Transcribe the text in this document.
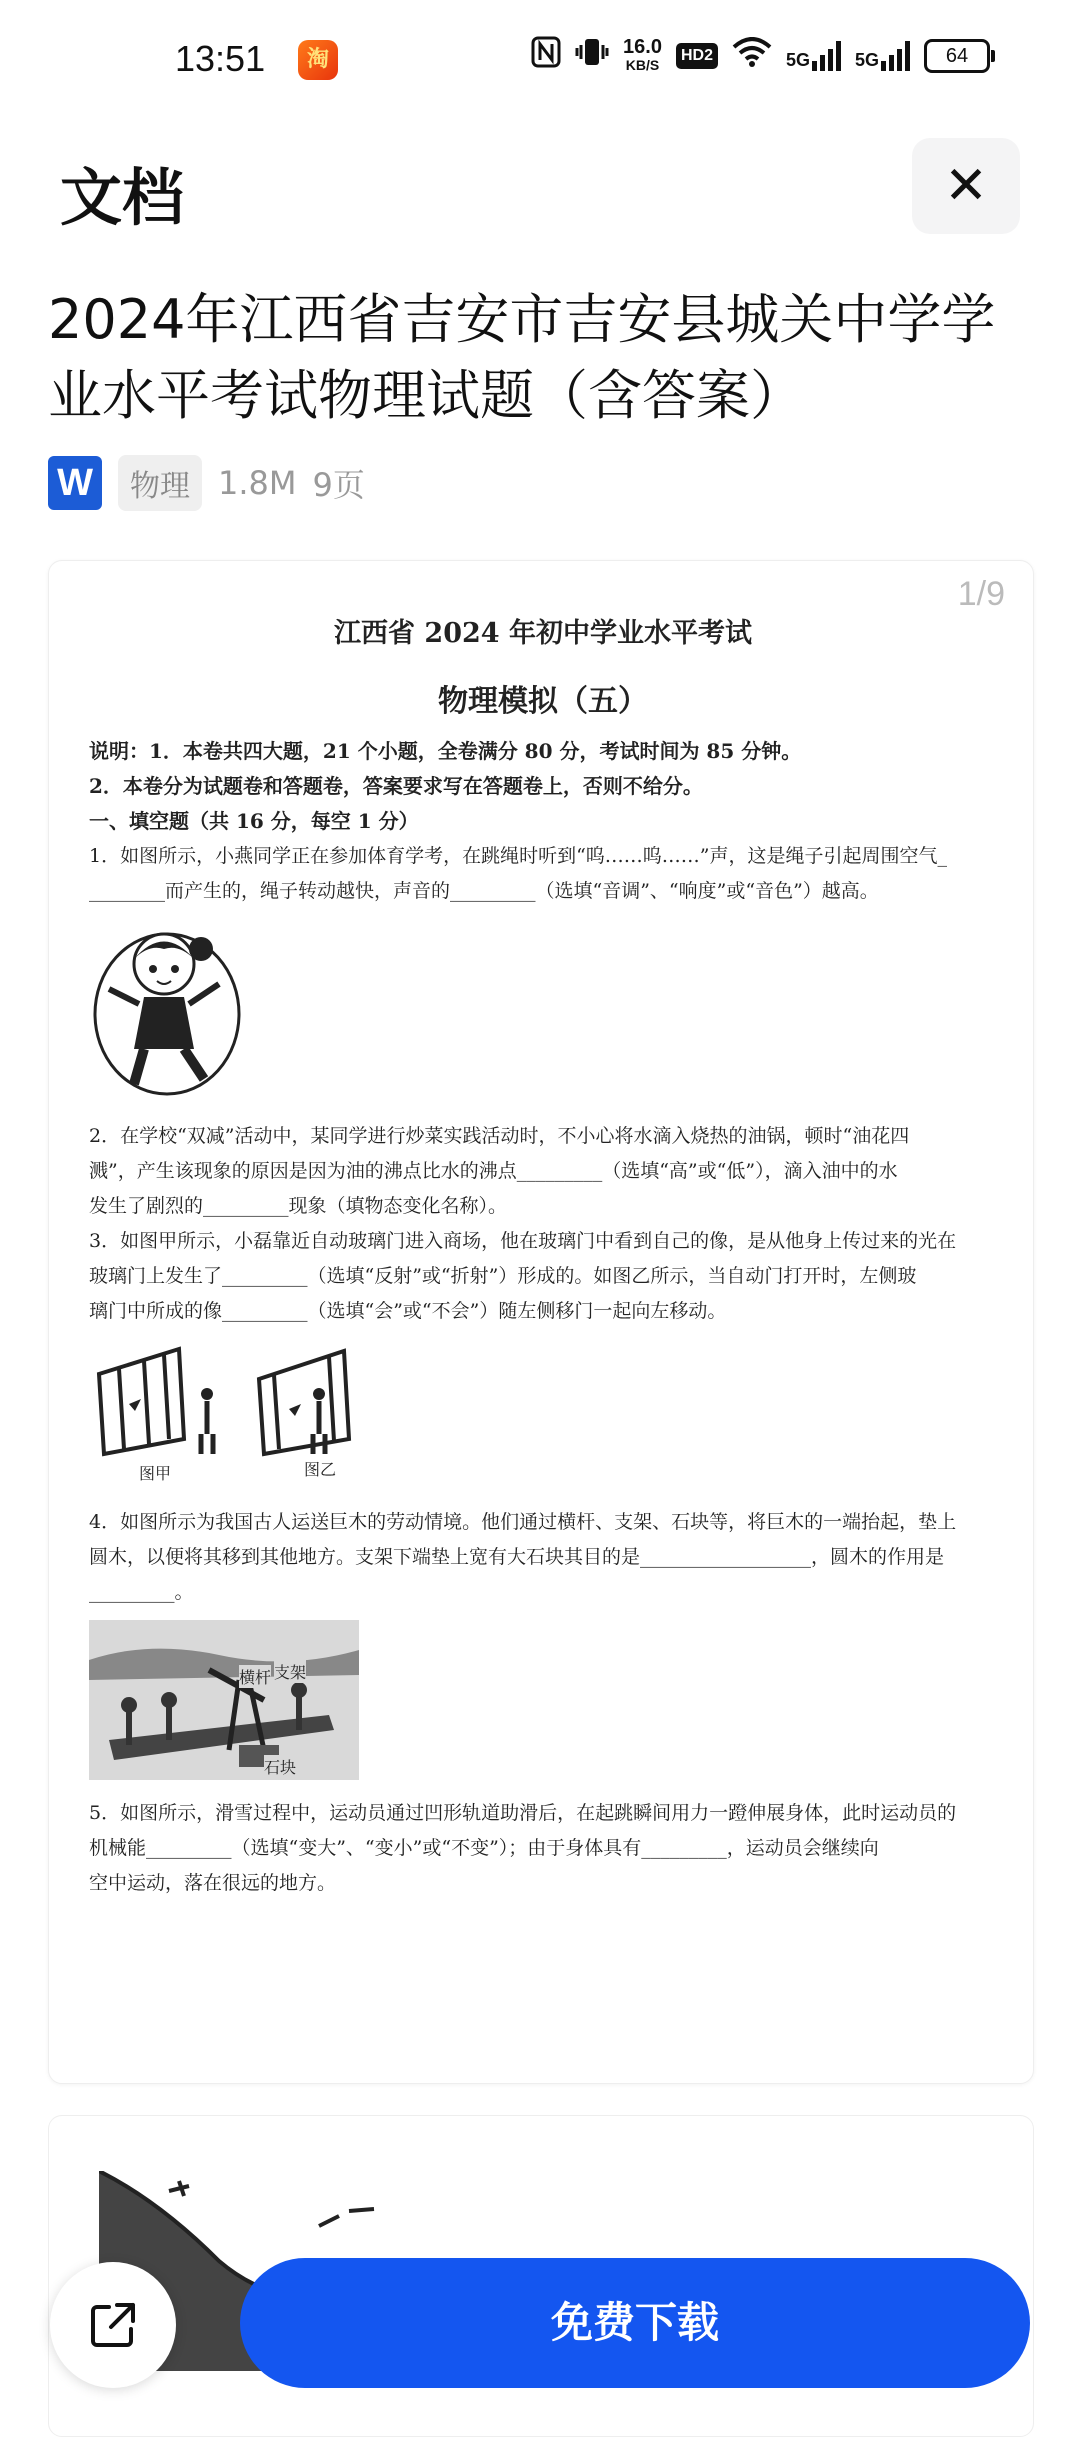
13:51	淘	16.0
KB/S
HD2	5G	5G	64
文档	✕
2024年江西省吉安市吉安县城关中学学业水平考试物理试题（含答案）
W	物理 1.8M 9页
1/9
江西省 2024 年初中学业水平考试
物理模拟（五）
说明：1．本卷共四大题，21 个小题，全卷满分 80 分，考试时间为 85 分钟。
2．本卷分为试题卷和答题卷，答案要求写在答题卷上，否则不给分。
一、填空题（共 16 分，每空 1 分）
1．如图所示，小燕同学正在参加体育学考，在跳绳时听到“呜……呜……”声，这是绳子引起周围空气_
________而产生的，绳子转动越快，声音的_________（选填“音调”、“响度”或“音色”）越高。
2．在学校“双减”活动中，某同学进行炒菜实践活动时，不小心将水滴入烧热的油锅，顿时“油花四
溅”，产生该现象的原因是因为油的沸点比水的沸点_________（选填“高”或“低”），滴入油中的水
发生了剧烈的_________现象（填物态变化名称）。
3．如图甲所示，小磊靠近自动玻璃门进入商场，他在玻璃门中看到自己的像，是从他身上传过来的光在
玻璃门上发生了_________（选填“反射”或“折射”）形成的。如图乙所示，当自动门打开时，左侧玻
璃门中所成的像_________（选填“会”或“不会”）随左侧移门一起向左移动。
图甲	图乙
4．如图所示为我国古人运送巨木的劳动情境。他们通过横杆、支架、石块等，将巨木的一端抬起，垫上
圆木，以便将其移到其他地方。支架下端垫上宽有大石块其目的是__________________，圆木的作用是
_________。
横杆 支架
石块
5．如图所示，滑雪过程中，运动员通过凹形轨道助滑后，在起跳瞬间用力一蹬伸展身体，此时运动员的
机械能_________（选填“变大”、“变小”或“不变”）；由于身体具有_________，运动员会继续向
空中运动，落在很远的地方。
免费下载
